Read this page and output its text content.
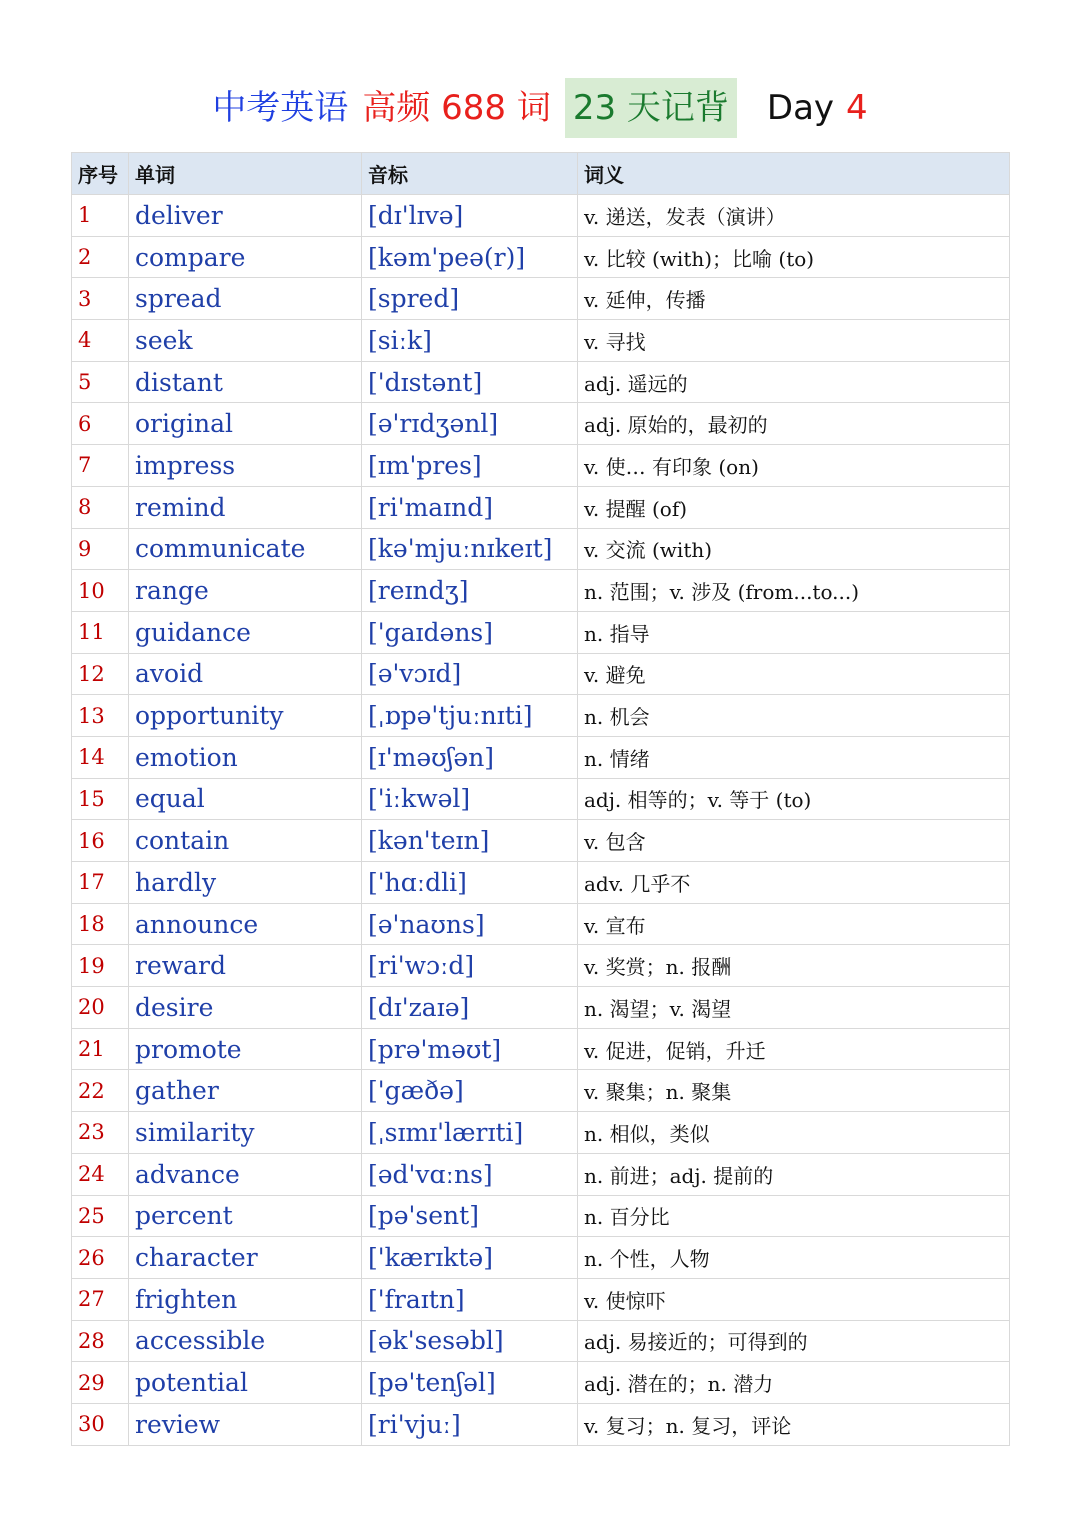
中考英语 高频 688 词 23 天记背 Day 4
序号	单词	音标	词义
1	deliver	[dɪ'lɪvə]	v. 递送，发表（演讲）
2	compare	[kəm'peə(r)]	v. 比较 (with)；比喻 (to)
3	spread	[spred]	v. 延伸，传播
4	seek	[siːk]	v. 寻找
5	distant	['dɪstənt]	adj. 遥远的
6	original	[ə'rɪdʒənl]	adj. 原始的，最初的
7	impress	[ɪm'pres]	v. 使… 有印象 (on)
8	remind	[ri'maɪnd]	v. 提醒 (of)
9	communicate	[kə'mjuːnɪkeɪt]	v. 交流 (with)
10	range	[reɪndʒ]	n. 范围；v. 涉及 (from...to...)
11	guidance	['gaɪdəns]	n. 指导
12	avoid	[ə'vɔɪd]	v. 避免
13	opportunity	[ˌɒpə'tjuːnɪti]	n. 机会
14	emotion	[ɪ'məʊʃən]	n. 情绪
15	equal	['iːkwəl]	adj. 相等的；v. 等于 (to)
16	contain	[kən'teɪn]	v. 包含
17	hardly	['hɑːdli]	adv. 几乎不
18	announce	[ə'naʊns]	v. 宣布
19	reward	[ri'wɔːd]	v. 奖赏；n. 报酬
20	desire	[dɪ'zaɪə]	n. 渴望；v. 渴望
21	promote	[prə'məʊt]	v. 促进，促销，升迁
22	gather	['gæðə]	v. 聚集；n. 聚集
23	similarity	[ˌsɪmɪ'lærɪti]	n. 相似，类似
24	advance	[əd'vɑːns]	n. 前进；adj. 提前的
25	percent	[pə'sent]	n. 百分比
26	character	['kærɪktə]	n. 个性，人物
27	frighten	['fraɪtn]	v. 使惊吓
28	accessible	[ək'sesəbl]	adj. 易接近的；可得到的
29	potential	[pə'tenʃəl]	adj. 潜在的；n. 潜力
30	review	[ri'vjuː]	v. 复习；n. 复习，评论
